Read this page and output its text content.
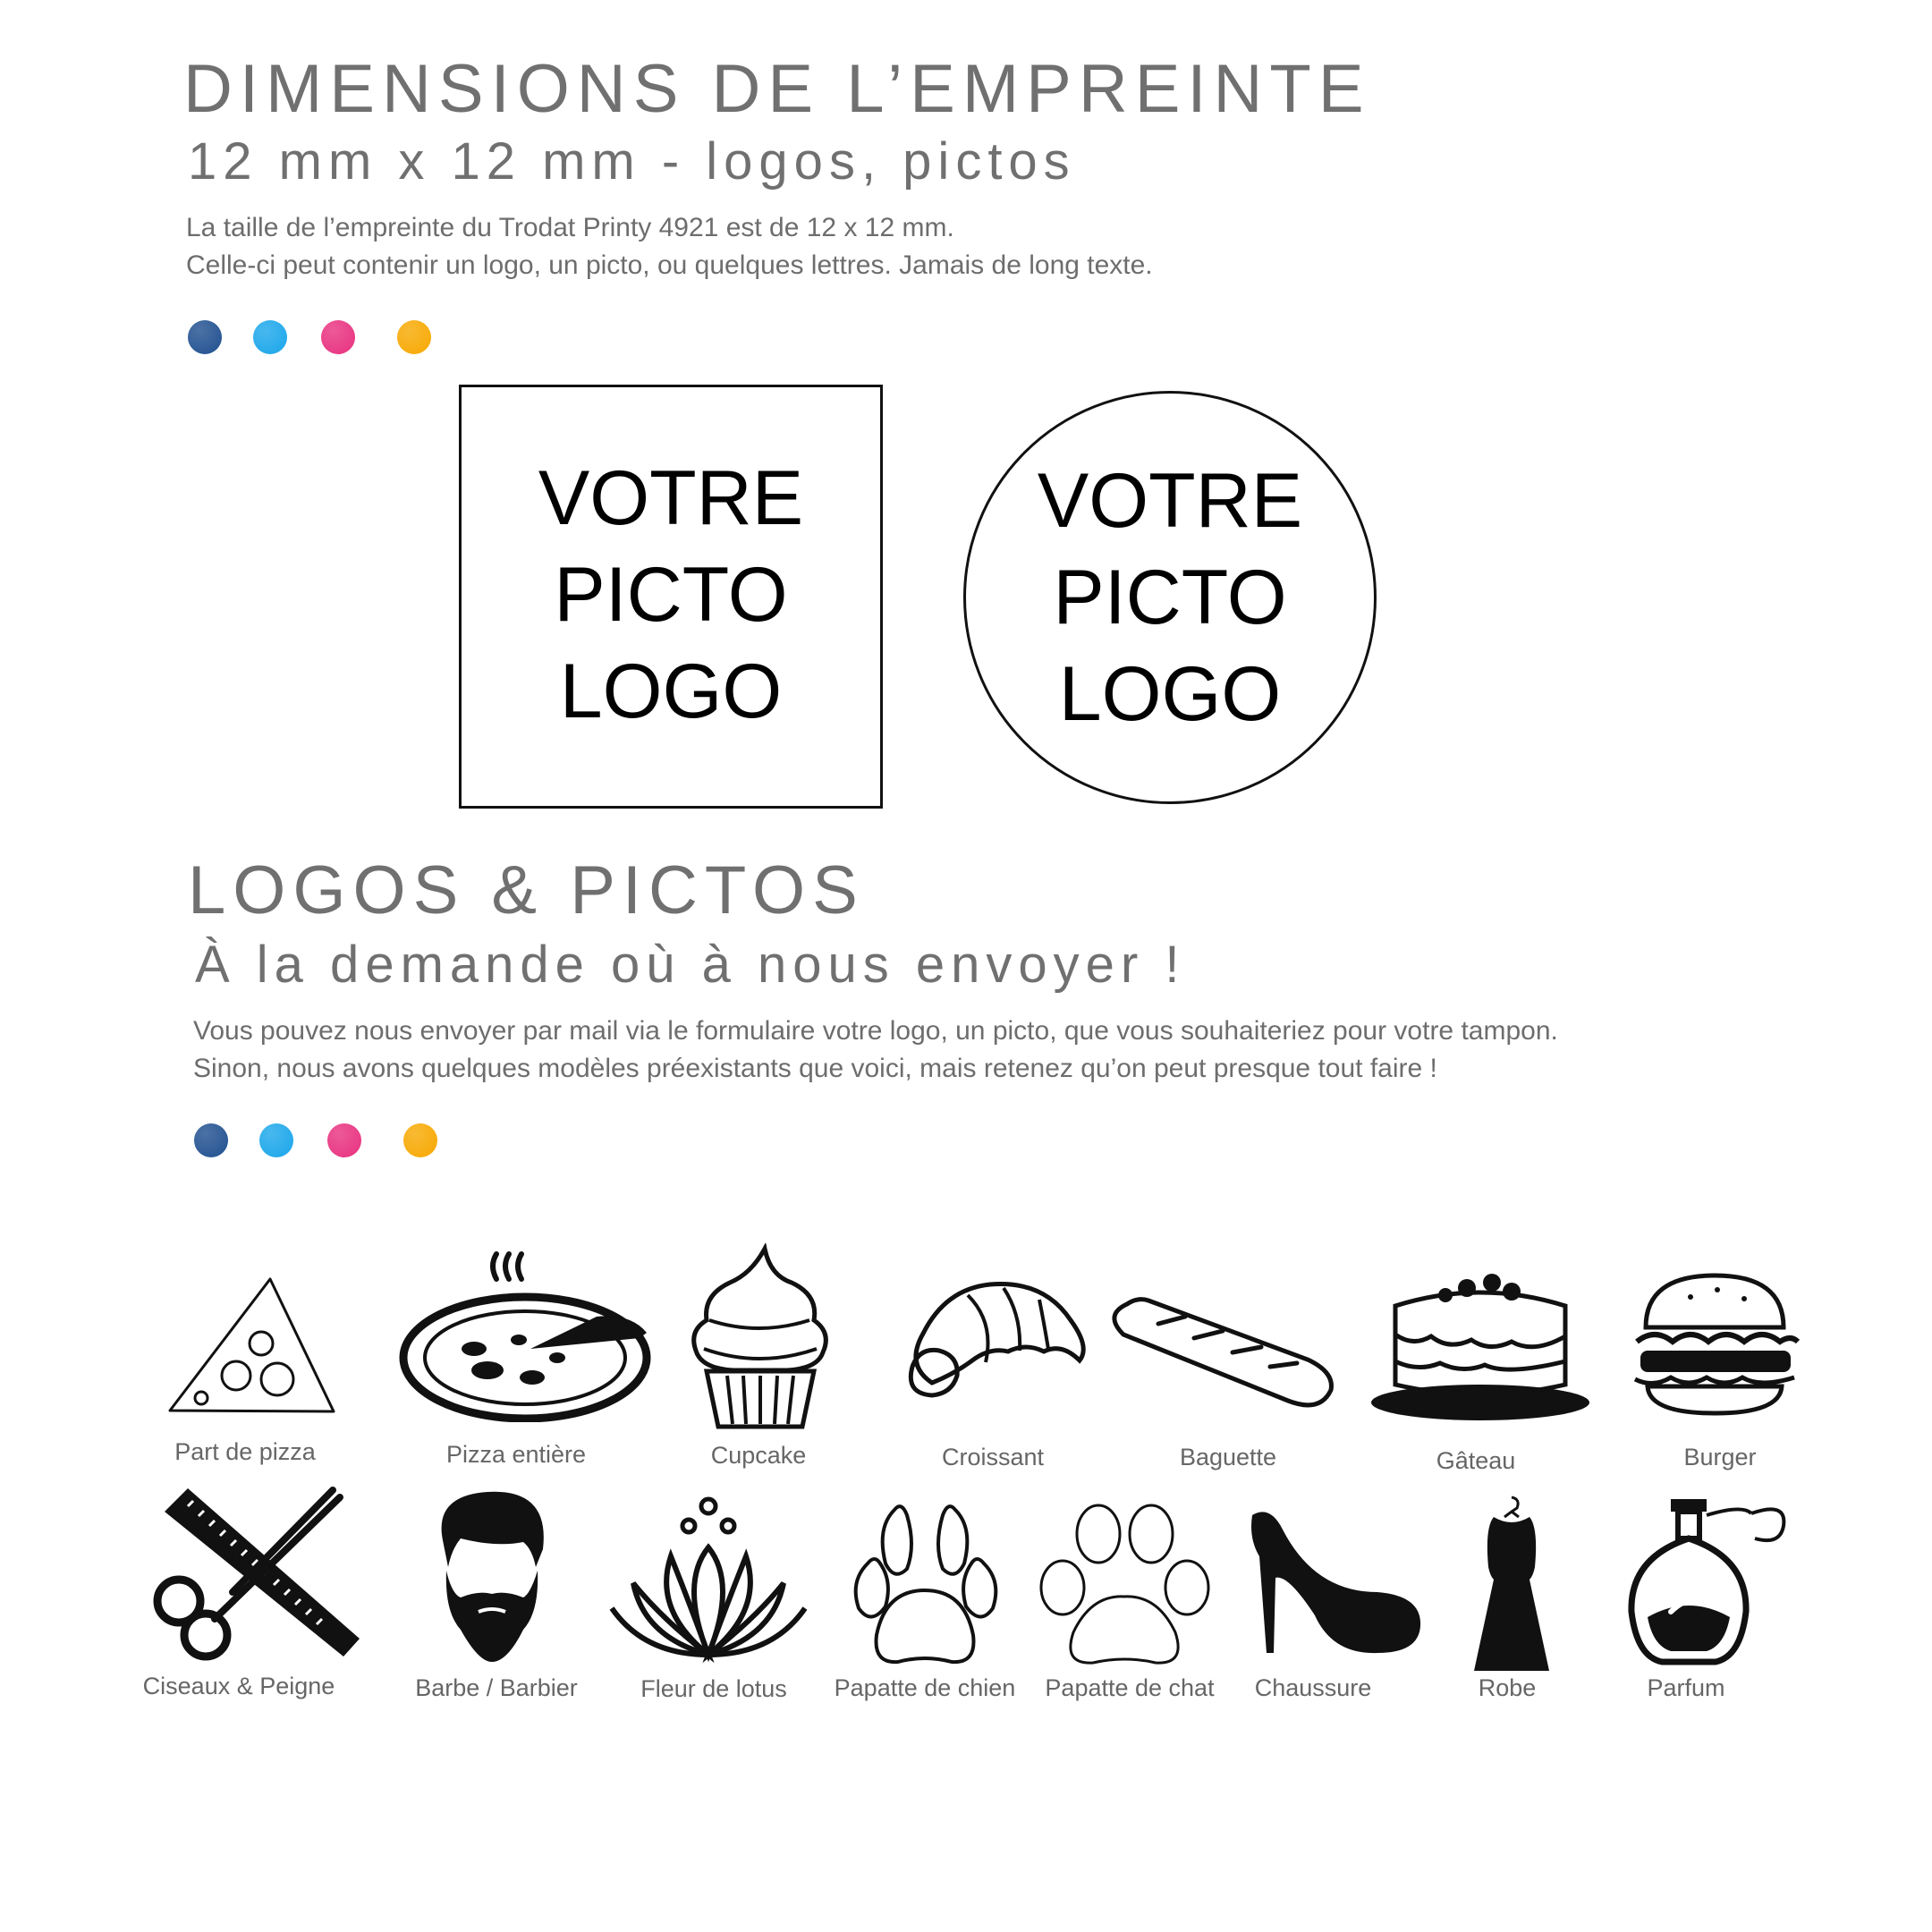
DIMENSIONS DE L’EMPREINTE
12 mm x 12 mm - logos, pictos
La taille de l’empreinte du Trodat Printy 4921 est de 12 x 12 mm.
Celle-ci peut contenir un logo, un picto, ou quelques lettres. Jamais de long texte.
VOTRE
PICTO
LOGO
VOTRE
PICTO
LOGO
LOGOS & PICTOS
À la demande où à nous envoyer !
Vous pouvez nous envoyer par mail via le formulaire votre logo, un picto, que vous souhaiteriez pour votre tampon.
Sinon, nous avons quelques modèles préexistants que voici, mais retenez qu’on peut presque tout faire !
Part de pizza	Pizza entière	Cupcake	Croissant	Baguette	Gâteau	Burger
Ciseaux & Peigne	Barbe / Barbier	Fleur de lotus	Papatte de chien	Papatte de chat	Chaussure	Robe	Parfum
